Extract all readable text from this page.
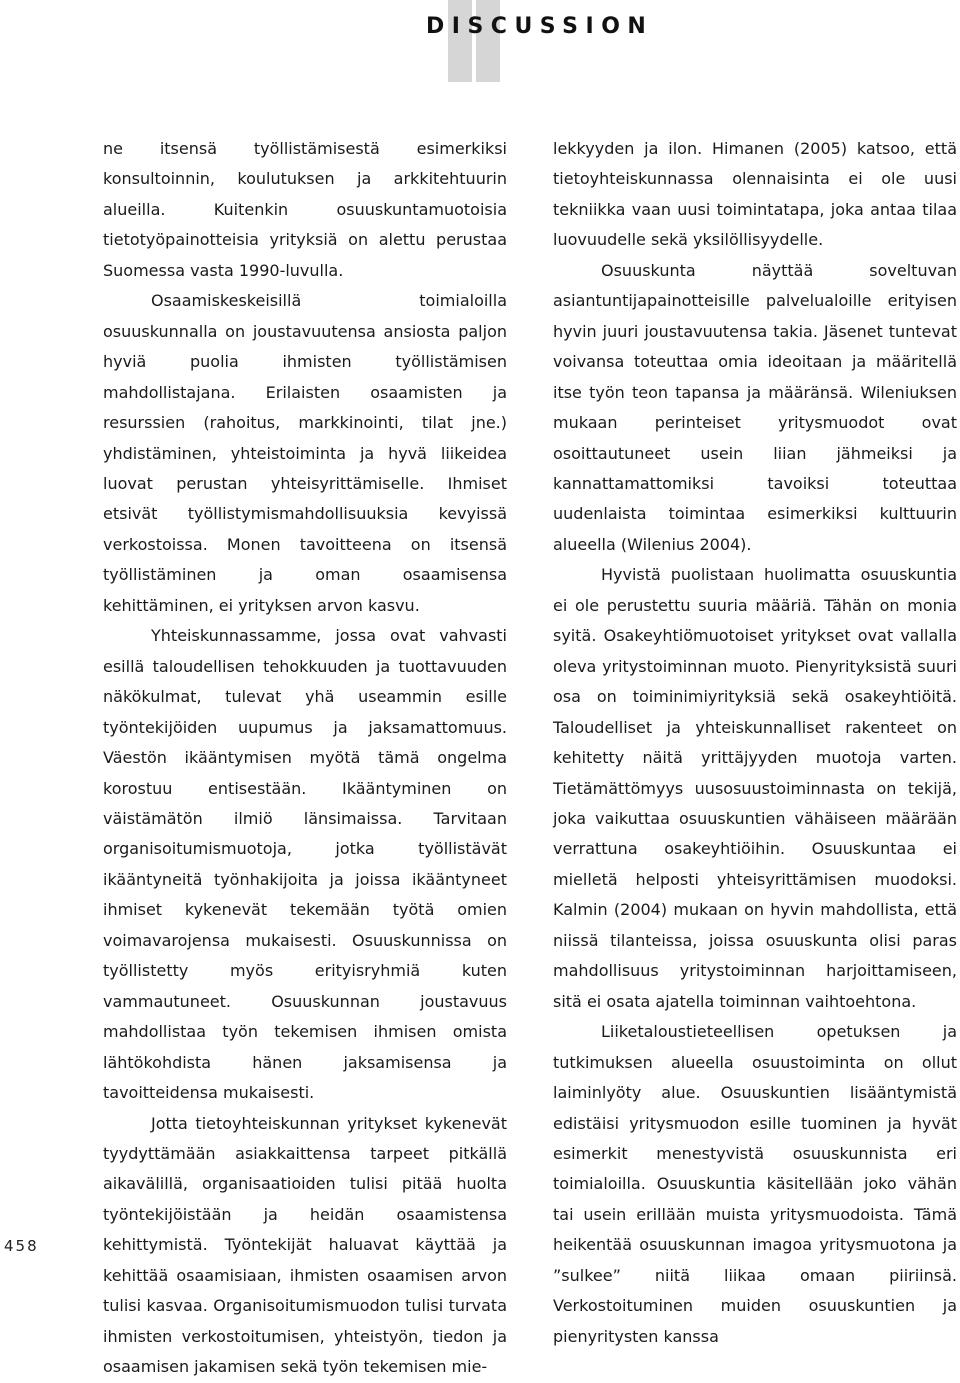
DISCUSSION

ne itsensä työllistämisestä esimerkiksi konsultoinnin, koulutuksen ja arkkitehtuurin alueilla. Kuitenkin osuuskuntamuotoisia tietotyöpainotteisia yrityksiä on alettu perustaa Suomessa vasta 1990-luvulla.

Osaamiskeskeisillä toimialoilla osuuskunnalla on joustavuutensa ansiosta paljon hyviä puolia ihmisten työllistämisen mahdollistajana. Erilaisten osaamisten ja resurssien (rahoitus, markkinointi, tilat jne.) yhdistäminen, yhteistoiminta ja hyvä liikeidea luovat perustan yhteisyrittämiselle. Ihmiset etsivät työllistymismahdollisuuksia kevyissä verkostoissa. Monen tavoitteena on itsensä työllistäminen ja oman osaamisensa kehittäminen, ei yrityksen arvon kasvu.

Yhteiskunnassamme, jossa ovat vahvasti esillä taloudellisen tehokkuuden ja tuottavuuden näkökulmat, tulevat yhä useammin esille työntekijöiden uupumus ja jaksamattomuus. Väestön ikääntymisen myötä tämä ongelma korostuu entisestään. Ikääntyminen on väistämätön ilmiö länsimaissa. Tarvitaan organisoitumismuotoja, jotka työllistävät ikääntyneitä työnhakijoita ja joissa ikääntyneet ihmiset kykenevät tekemään työtä omien voimavarojensa mukaisesti. Osuuskunnissa on työllistetty myös erityisryhmiä kuten vammautuneet. Osuuskunnan joustavuus mahdollistaa työn tekemisen ihmisen omista lähtökohdista hänen jaksamisensa ja tavoitteidensa mukaisesti.

Jotta tietoyhteiskunnan yritykset kykenevät tyydyttämään asiakkaittensa tarpeet pitkällä aikavälillä, organisaatioiden tulisi pitää huolta työntekijöistään ja heidän osaamistensa kehittymistä. Työntekijät haluavat käyttää ja kehittää osaamisiaan, ihmisten osaamisen arvon tulisi kasvaa. Organisoitumismuodon tulisi turvata ihmisten verkostoitumisen, yhteistyön, tiedon ja osaamisen jakamisen sekä työn tekemisen mie-

lekkyyden ja ilon. Himanen (2005) katsoo, että tietoyhteiskunnassa olennaisinta ei ole uusi tekniikka vaan uusi toimintatapa, joka antaa tilaa luovuudelle sekä yksilöllisyydelle.

Osuuskunta näyttää soveltuvan asiantuntijapainotteisille palvelualoille erityisen hyvin juuri joustavuutensa takia. Jäsenet tuntevat voivansa toteuttaa omia ideoitaan ja määritellä itse työn teon tapansa ja määränsä. Wileniuksen mukaan perinteiset yritysmuodot ovat osoittautuneet usein liian jähmeiksi ja kannattamattomiksi tavoiksi toteuttaa uudenlaista toimintaa esimerkiksi kulttuurin alueella (Wilenius 2004).

Hyvistä puolistaan huolimatta osuuskuntia ei ole perustettu suuria määriä. Tähän on monia syitä. Osakeyhtiömuotoiset yritykset ovat vallalla oleva yritystoiminnan muoto. Pienyrityksistä suuri osa on toiminimiyrityksiä sekä osakeyhtiöitä. Taloudelliset ja yhteiskunnalliset rakenteet on kehitetty näitä yrittäjyyden muotoja varten. Tietämättömyys uusosuustoiminnasta on tekijä, joka vaikuttaa osuuskuntien vähäiseen määrään verrattuna osakeyhtiöihin. Osuuskuntaa ei mielletä helposti yhteisyrittämisen muodoksi. Kalmin (2004) mukaan on hyvin mahdollista, että niissä tilanteissa, joissa osuuskunta olisi paras mahdollisuus yritystoiminnan harjoittamiseen, sitä ei osata ajatella toiminnan vaihtoehtona.

Liiketaloustieteellisen opetuksen ja tutkimuksen alueella osuustoiminta on ollut laiminlyöty alue. Osuuskuntien lisääntymistä edistäisi yritysmuodon esille tuominen ja hyvät esimerkit menestyvistä osuuskunnista eri toimialoilla. Osuuskuntia käsitellään joko vähän tai usein erillään muista yritysmuodoista. Tämä heikentää osuuskunnan imagoa yritysmuotona ja ”sulkee” niitä liikaa omaan piiriinsä. Verkostoituminen muiden osuuskuntien ja pienyritysten kanssa

458
